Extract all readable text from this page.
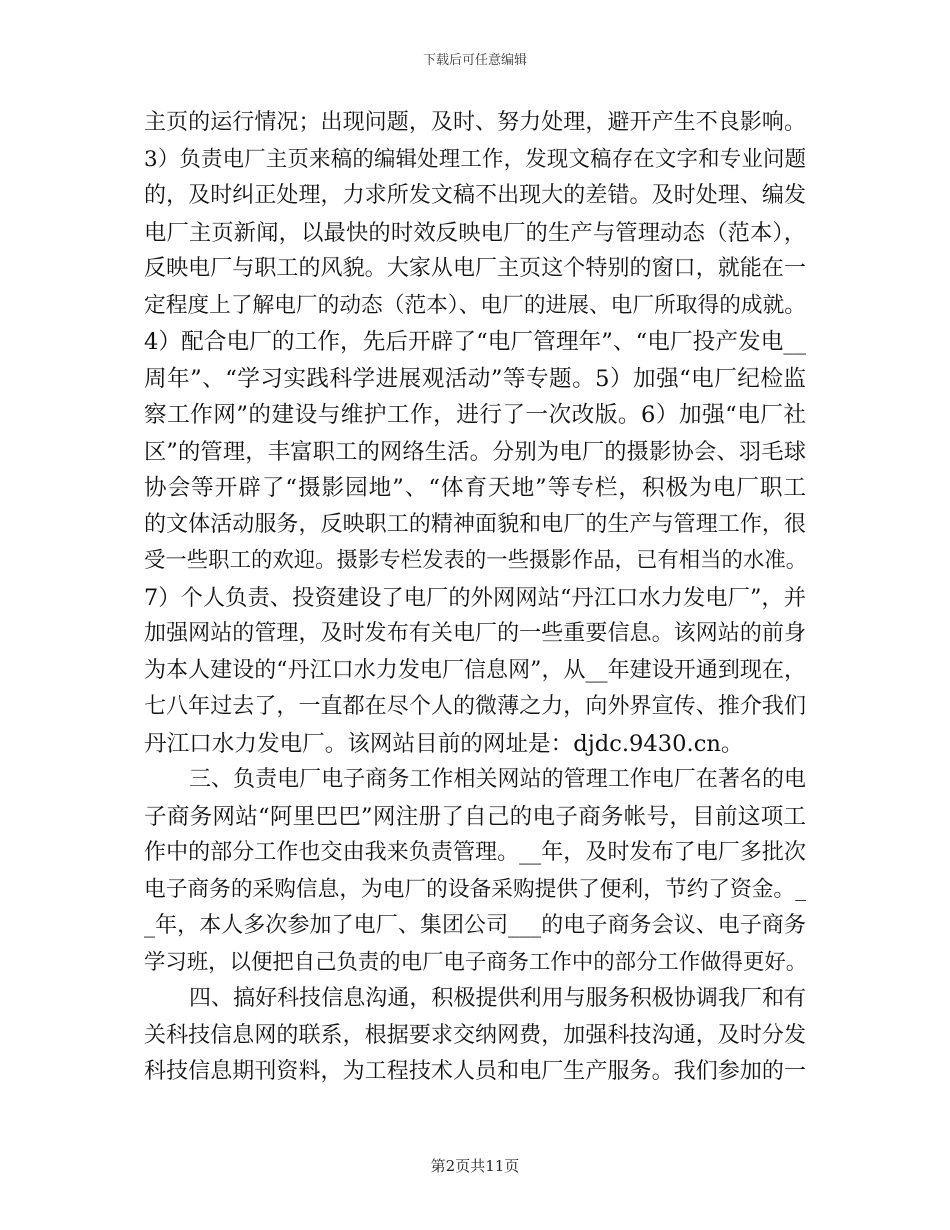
下载后可任意编辑
主页的运行情况；出现问题，及时、努力处理，避开产生不良影响。
3）负责电厂主页来稿的编辑处理工作，发现文稿存在文字和专业问题
的，及时纠正处理，力求所发文稿不出现大的差错。及时处理、编发
电厂主页新闻，以最快的时效反映电厂的生产与管理动态（范本），
反映电厂与职工的风貌。大家从电厂主页这个特别的窗口，就能在一
定程度上了解电厂的动态（范本）、电厂的进展、电厂所取得的成就。
4）配合电厂的工作，先后开辟了“电厂管理年”、“电厂投产发电__
周年”、“学习实践科学进展观活动”等专题。5）加强“电厂纪检监
察工作网”的建设与维护工作，进行了一次改版。6）加强“电厂社
区”的管理，丰富职工的网络生活。分别为电厂的摄影协会、羽毛球
协会等开辟了“摄影园地”、“体育天地”等专栏，积极为电厂职工
的文体活动服务，反映职工的精神面貌和电厂的生产与管理工作，很
受一些职工的欢迎。摄影专栏发表的一些摄影作品，已有相当的水准。
7）个人负责、投资建设了电厂的外网网站“丹江口水力发电厂”，并
加强网站的管理，及时发布有关电厂的一些重要信息。该网站的前身
为本人建设的“丹江口水力发电厂信息网”，从__年建设开通到现在，
七八年过去了，一直都在尽个人的微薄之力，向外界宣传、推介我们
丹江口水力发电厂。该网站目前的网址是：djdc.9430.cn。
三、负责电厂电子商务工作相关网站的管理工作电厂在著名的电
子商务网站“阿里巴巴”网注册了自己的电子商务帐号，目前这项工
作中的部分工作也交由我来负责管理。__年，及时发布了电厂多批次
电子商务的采购信息，为电厂的设备采购提供了便利，节约了资金。_
_年，本人多次参加了电厂、集团公司___的电子商务会议、电子商务
学习班，以便把自己负责的电厂电子商务工作中的部分工作做得更好。
四、搞好科技信息沟通，积极提供利用与服务积极协调我厂和有
关科技信息网的联系，根据要求交纳网费，加强科技沟通，及时分发
科技信息期刊资料，为工程技术人员和电厂生产服务。我们参加的一
第2页共11页
